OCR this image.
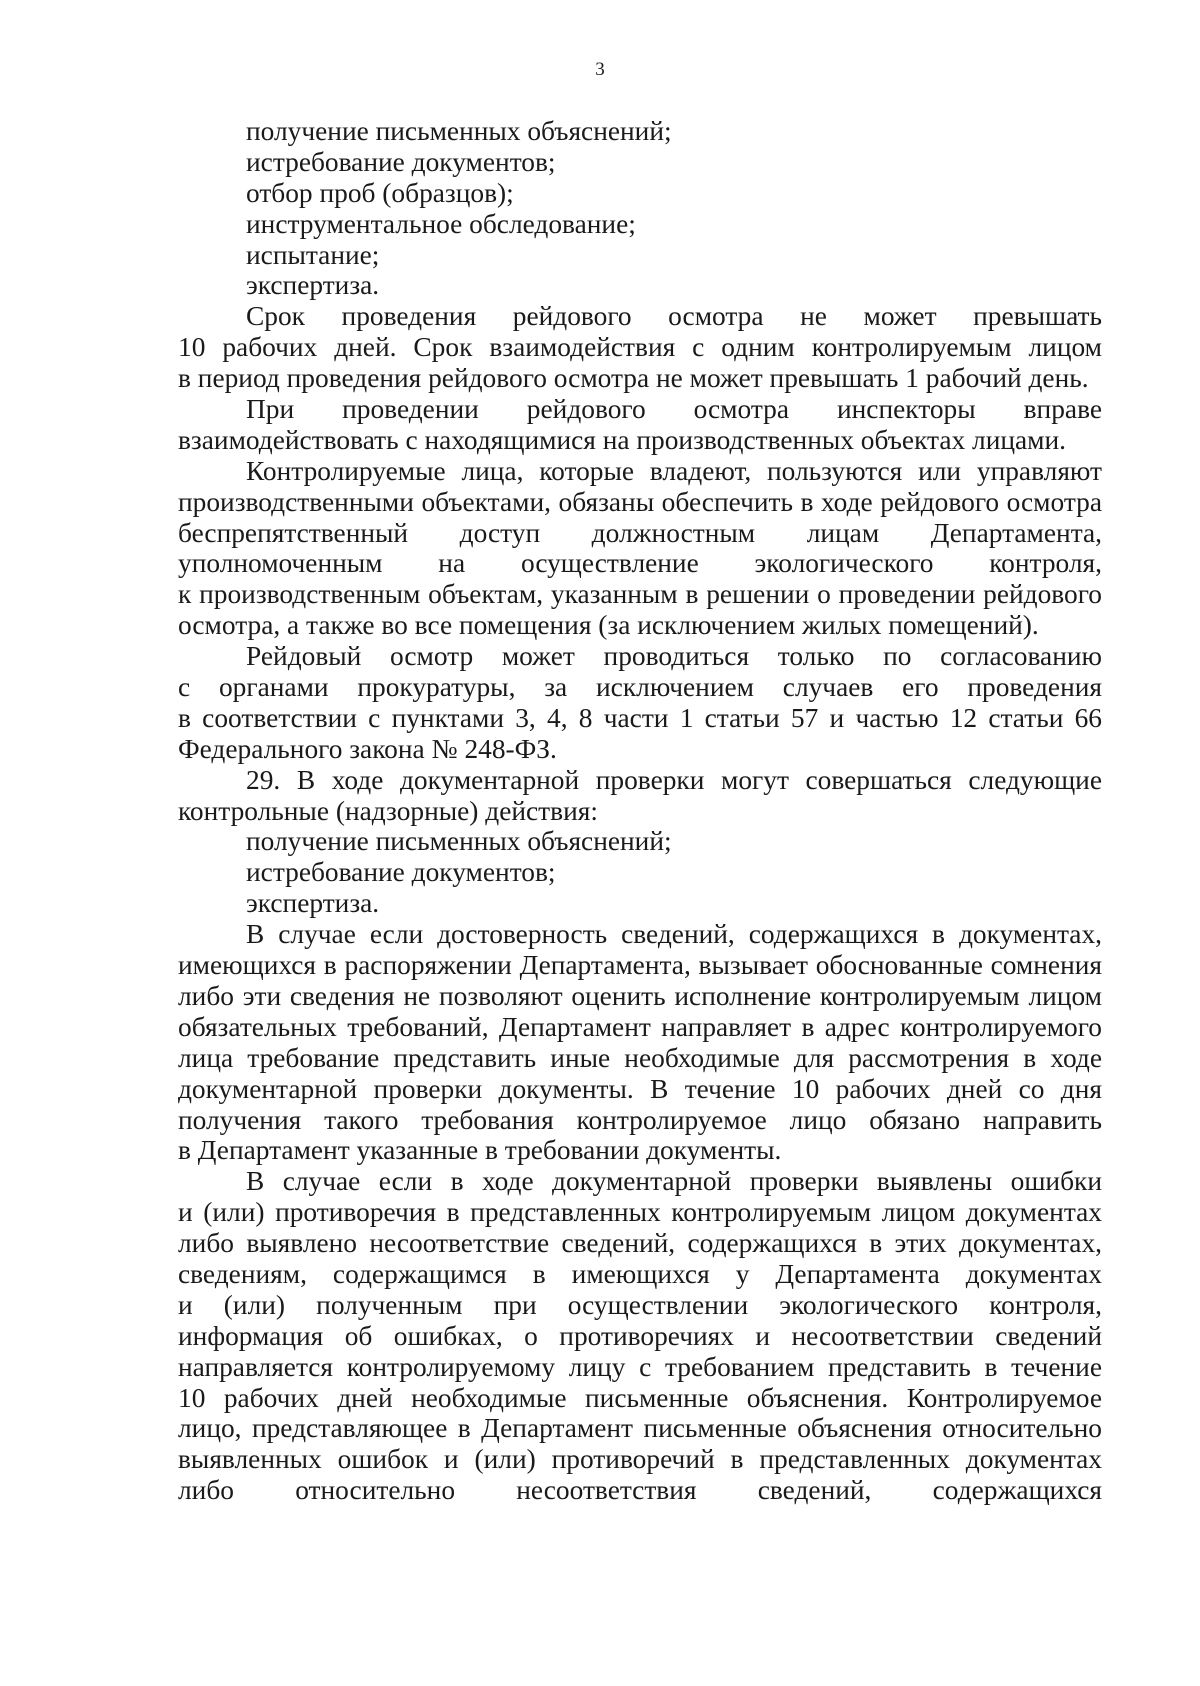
3
получение письменных объяснений;
истребование документов;
отбор проб (образцов);
инструментальное обследование;
испытание;
экспертиза.
Срок проведения рейдового осмотра не может превышать
10 рабочих дней. Срок взаимодействия с одним контролируемым лицом
в период проведения рейдового осмотра не может превышать 1 рабочий день.
При проведении рейдового осмотра инспекторы вправе
взаимодействовать с находящимися на производственных объектах лицами.
Контролируемые лица, которые владеют, пользуются или управляют
производственными объектами, обязаны обеспечить в ходе рейдового осмотра
беспрепятственный доступ должностным лицам Департамента,
уполномоченным на осуществление экологического контроля,
к производственным объектам, указанным в решении о проведении рейдового
осмотра, а также во все помещения (за исключением жилых помещений).
Рейдовый осмотр может проводиться только по согласованию
с органами прокуратуры, за исключением случаев его проведения
в соответствии с пунктами 3, 4, 8 части 1 статьи 57 и частью 12 статьи 66
Федерального закона № 248-ФЗ.
29. В ходе документарной проверки могут совершаться следующие
контрольные (надзорные) действия:
получение письменных объяснений;
истребование документов;
экспертиза.
В случае если достоверность сведений, содержащихся в документах,
имеющихся в распоряжении Департамента, вызывает обоснованные сомнения
либо эти сведения не позволяют оценить исполнение контролируемым лицом
обязательных требований, Департамент направляет в адрес контролируемого
лица требование представить иные необходимые для рассмотрения в ходе
документарной проверки документы. В течение 10 рабочих дней со дня
получения такого требования контролируемое лицо обязано направить
в Департамент указанные в требовании документы.
В случае если в ходе документарной проверки выявлены ошибки
и (или) противоречия в представленных контролируемым лицом документах
либо выявлено несоответствие сведений, содержащихся в этих документах,
сведениям, содержащимся в имеющихся у Департамента документах
и (или) полученным при осуществлении экологического контроля,
информация об ошибках, о противоречиях и несоответствии сведений
направляется контролируемому лицу с требованием представить в течение
10 рабочих дней необходимые письменные объяснения. Контролируемое
лицо, представляющее в Департамент письменные объяснения относительно
выявленных ошибок и (или) противоречий в представленных документах
либо относительно несоответствия сведений, содержащихся
